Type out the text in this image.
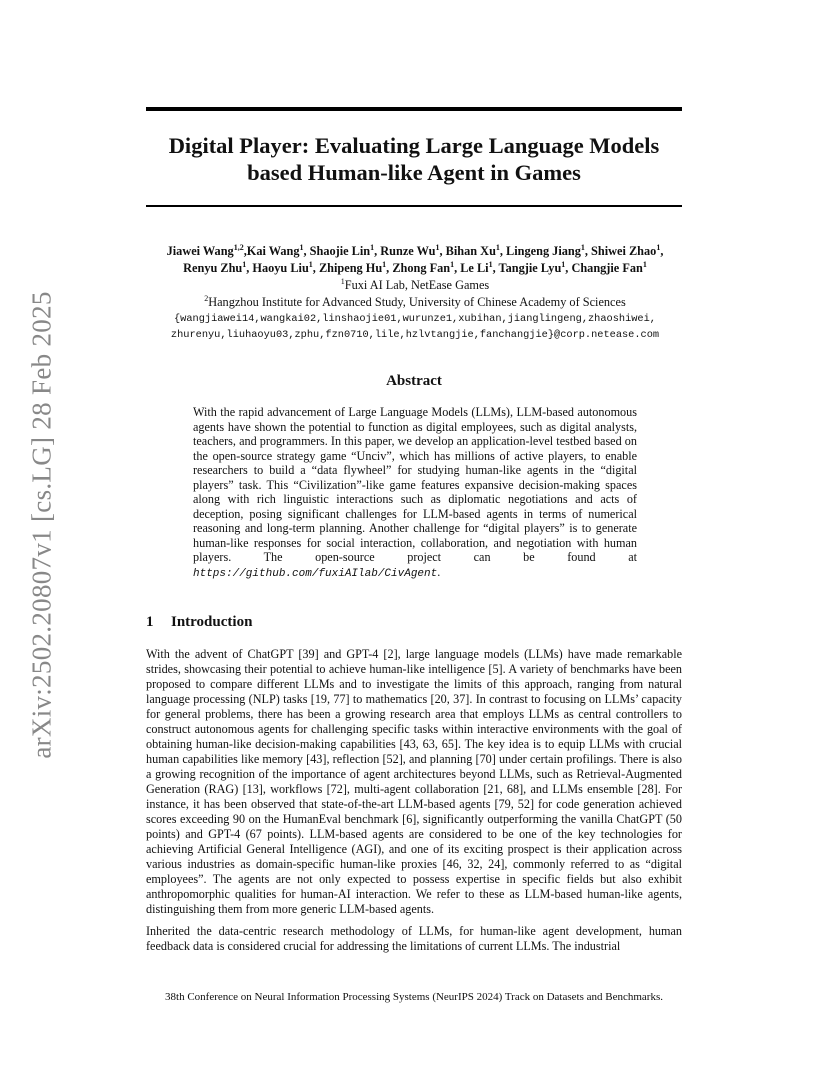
arXiv:2502.20807v1 [cs.LG] 28 Feb 2025
Digital Player: Evaluating Large Language Models
based Human-like Agent in Games
Jiawei Wang$^{1,2}$,Kai Wang$^1$, Shaojie Lin$^1$, Runze Wu$^1$, Bihan Xu$^1$, Lingeng Jiang$^1$, Shiwei Zhao$^1$,
Renyu Zhu$^1$, Haoyu Liu$^1$, Zhipeng Hu$^1$, Zhong Fan$^1$, Le Li$^1$, Tangjie Lyu$^1$, Changjie Fan$^1$
$^1$Fuxi AI Lab, NetEase Games
$^2$Hangzhou Institute for Advanced Study, University of Chinese Academy of Sciences
{wangjiawei14,wangkai02,linshaojie01,wurunze1,xubihan,jianglingeng,zhaoshiwei,
zhurenyu,liuhaoyu03,zphu,fzn0710,lile,hzlvtangjie,fanchangjie}@corp.netease.com
Abstract
With the rapid advancement of Large Language Models (LLMs), LLM-based autonomous agents have shown the potential to function as digital employees, such as digital analysts, teachers, and programmers. In this paper, we develop an application-level testbed based on the open-source strategy game “Unciv”, which has millions of active players, to enable researchers to build a “data flywheel” for studying human-like agents in the “digital players” task. This “Civilization”-like game features expansive decision-making spaces along with rich linguistic interactions such as diplomatic negotiations and acts of deception, posing significant challenges for LLM-based agents in terms of numerical reasoning and long-term planning. Another challenge for “digital players” is to generate human-like responses for social interaction, collaboration, and negotiation with human players. The open-source project can be found at https://github.com/fuxiAIlab/CivAgent.
1 Introduction

With the advent of ChatGPT [39] and GPT-4 [2], large language models (LLMs) have made remarkable strides, showcasing their potential to achieve human-like intelligence [5]. A variety of benchmarks have been proposed to compare different LLMs and to investigate the limits of this approach, ranging from natural language processing (NLP) tasks [19, 77] to mathematics [20, 37]. In contrast to focusing on LLMs’ capacity for general problems, there has been a growing research area that employs LLMs as central controllers to construct autonomous agents for challenging specific tasks within interactive environments with the goal of obtaining human-like decision-making capabilities [43, 63, 65]. The key idea is to equip LLMs with crucial human capabilities like memory [43], reflection [52], and planning [70] under certain profilings. There is also a growing recognition of the importance of agent architectures beyond LLMs, such as Retrieval-Augmented Generation (RAG) [13], workflows [72], multi-agent collaboration [21, 68], and LLMs ensemble [28]. For instance, it has been observed that state-of-the-art LLM-based agents [79, 52] for code generation achieved scores exceeding 90 on the HumanEval benchmark [6], significantly outperforming the vanilla ChatGPT (50 points) and GPT-4 (67 points). LLM-based agents are considered to be one of the key technologies for achieving Artificial General Intelligence (AGI), and one of its exciting prospect is their application across various industries as domain-specific human-like proxies [46, 32, 24], commonly referred to as “digital employees”. The agents are not only expected to possess expertise in specific fields but also exhibit anthropomorphic qualities for human-AI interaction. We refer to these as LLM-based human-like agents, distinguishing them from more generic LLM-based agents.

Inherited the data-centric research methodology of LLMs, for human-like agent development, human feedback data is considered crucial for addressing the limitations of current LLMs. The industrial

38th Conference on Neural Information Processing Systems (NeurIPS 2024) Track on Datasets and Benchmarks.
